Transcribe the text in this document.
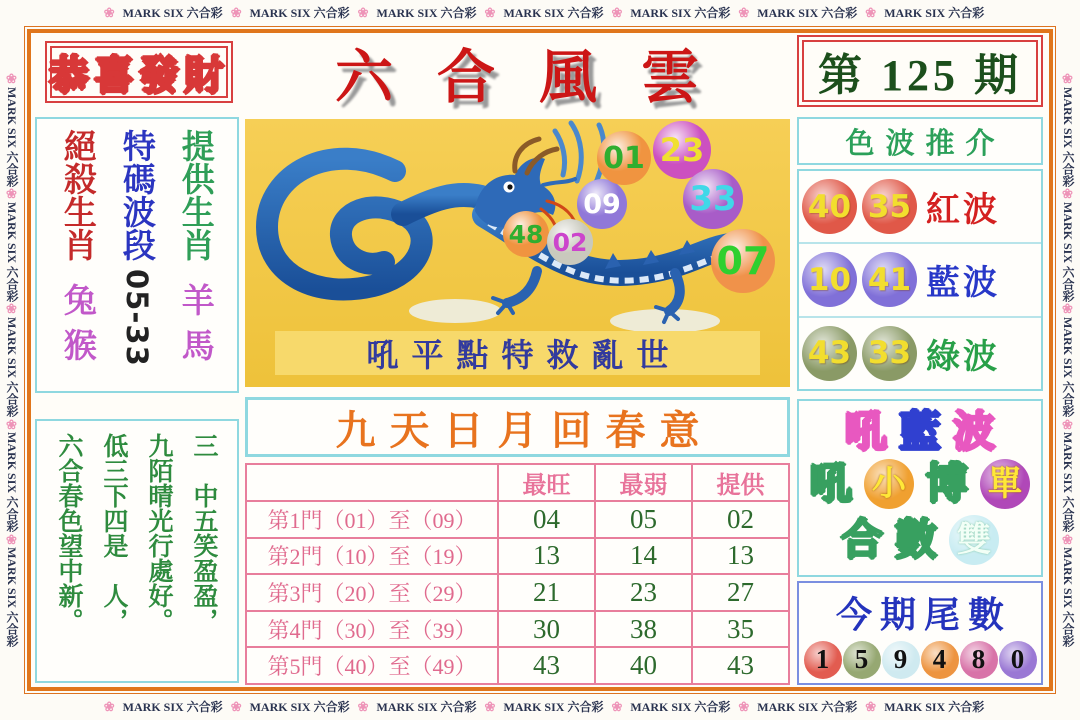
❀ MARK SIX 六合彩 ❀ MARK SIX 六合彩 ❀ MARK SIX 六合彩 ❀ MARK SIX 六合彩 ❀ MARK SIX 六合彩 ❀ MARK SIX 六合彩 ❀ MARK SIX 六合彩
❀ MARK SIX 六合彩 ❀ MARK SIX 六合彩 ❀ MARK SIX 六合彩 ❀ MARK SIX 六合彩 ❀ MARK SIX 六合彩 ❀ MARK SIX 六合彩 ❀ MARK SIX 六合彩
❀MARK SIX 六合彩❀MARK SIX 六合彩❀MARK SIX 六合彩❀MARK SIX 六合彩❀MARK SIX 六合彩
❀MARK SIX 六合彩❀MARK SIX 六合彩❀MARK SIX 六合彩❀MARK SIX 六合彩❀MARK SIX 六合彩
恭喜發財	六合風雲	第 125 期
絕殺生肖兔猴
特碼波段05-33
提供生肖羊馬
六合春色望中新。 低三下四是　人， 九陌晴光行處好。 三　中五笑盈盈，
48 02
09
01 23
33
07
吼平點特救亂世
九天日月回春意
	最旺	最弱	提供
第1門（01）至（09）	04	05	02
第2門（10）至（19）	13	14	13
第3門（20）至（29）	21	23	27
第4門（30）至（39）	30	38	35
第5門（40）至（49）	43	40	43
色波推介
40 35 紅波
10 41 藍波
43 33 綠波
吼 藍 波
吼 小 博 單
合 數 雙
今期尾數
1 5 9 4 8 0
